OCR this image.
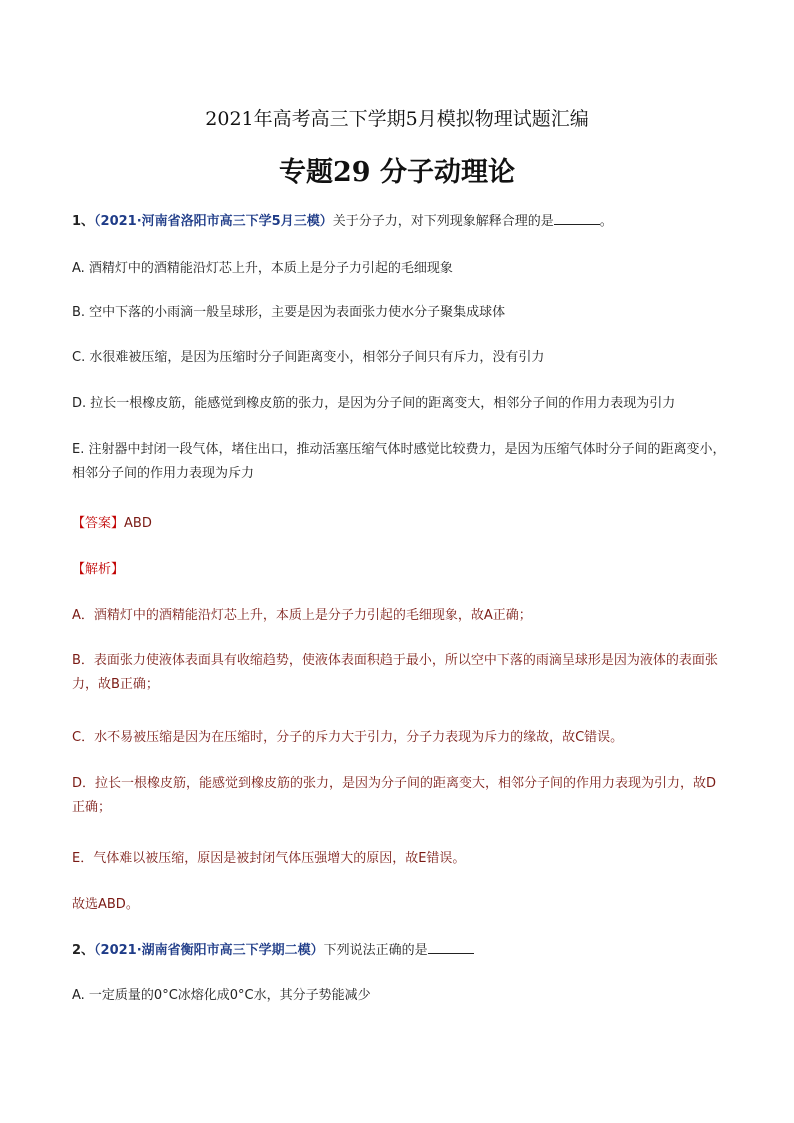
2021年高考高三下学期5月模拟物理试题汇编
专题29 分子动理论

1、（2021·河南省洛阳市高三下学5月三模）关于分子力，对下列现象解释合理的是	。

A. 酒精灯中的酒精能沿灯芯上升，本质上是分子力引起的毛细现象

B. 空中下落的小雨滴一般呈球形，主要是因为表面张力使水分子聚集成球体

C. 水很难被压缩，是因为压缩时分子间距离变小，相邻分子间只有斥力，没有引力

D. 拉长一根橡皮筋，能感觉到橡皮筋的张力，是因为分子间的距离变大，相邻分子间的作用力表现为引力

E. 注射器中封闭一段气体，堵住出口，推动活塞压缩气体时感觉比较费力，是因为压缩气体时分子间的距离变小，相邻分子间的作用力表现为斥力

【答案】ABD

【解析】

A．酒精灯中的酒精能沿灯芯上升，本质上是分子力引起的毛细现象，故A正确；

B．表面张力使液体表面具有收缩趋势，使液体表面积趋于最小，所以空中下落的雨滴呈球形是因为液体的表面张力，故B正确；

C．水不易被压缩是因为在压缩时，分子的斥力大于引力，分子力表现为斥力的缘故，故C错误。

D．拉长一根橡皮筋，能感觉到橡皮筋的张力，是因为分子间的距离变大，相邻分子间的作用力表现为引力，故D正确；

E．气体难以被压缩，原因是被封闭气体压强增大的原因，故E错误。

故选ABD。

2、（2021·湖南省衡阳市高三下学期二模）下列说法正确的是

A. 一定质量的0°C冰熔化成0°C水，其分子势能减少
